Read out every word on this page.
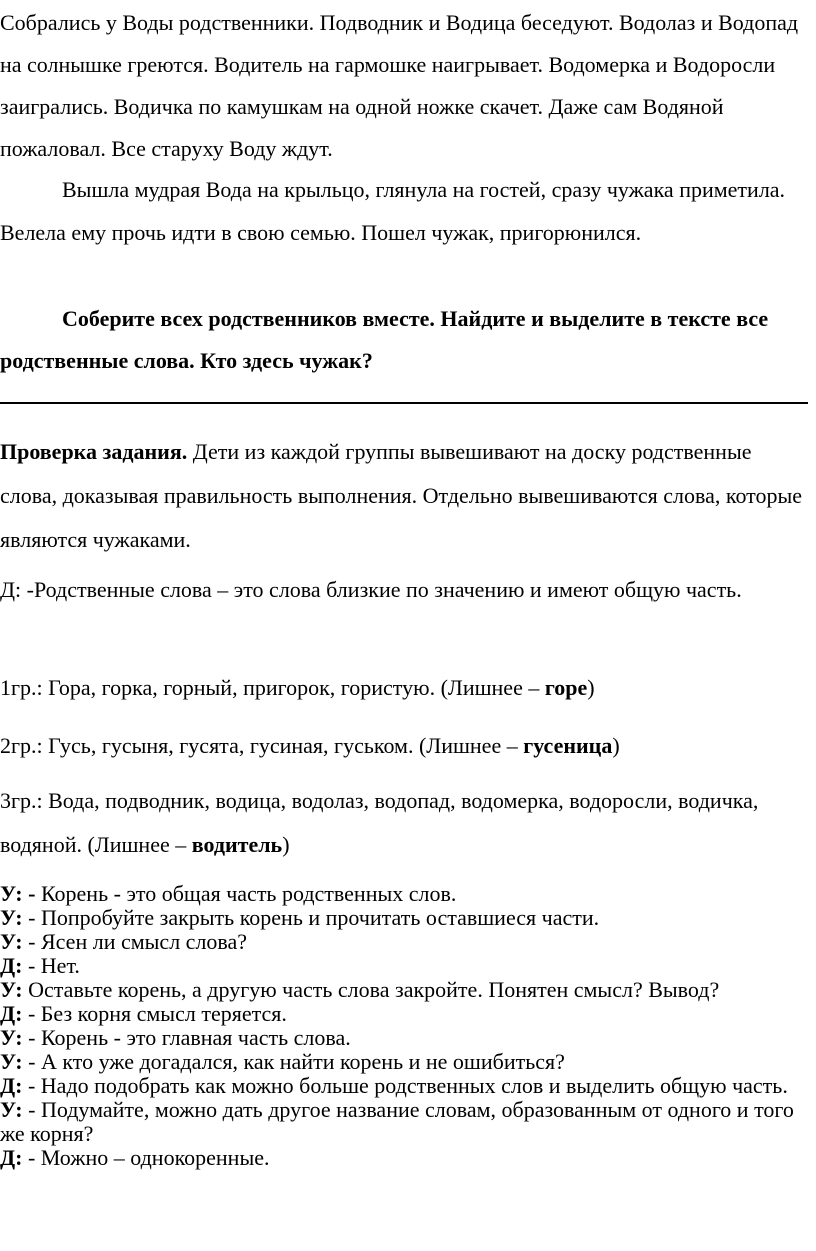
Собрались у Воды родственники. Подводник и Водица беседуют. Водолаз и Водопад на солнышке греются. Водитель на гармошке наигрывает. Водомерка и Водоросли заигрались. Водичка по камушкам на одной ножке скачет. Даже сам Водяной пожаловал. Все старуху Воду ждут.

Вышла мудрая Вода на крыльцо, глянула на гостей, сразу чужака приметила. Велела ему прочь идти в свою семью. Пошел чужак, пригорюнился.

Соберите всех родственников вместе. Найдите и выделите в тексте все родственные слова. Кто здесь чужак?

Проверка задания. Дети из каждой группы вывешивают на доску родственные слова, доказывая правильность выполнения. Отдельно вывешиваются слова, которые являются чужаками.

Д: -Родственные слова – это слова близкие по значению и имеют общую часть.

1гр.: Гора, горка, горный, пригорок, гористую. (Лишнее – горе)

2гр.: Гусь, гусыня, гусята, гусиная, гуськом. (Лишнее – гусеница)

3гр.: Вода, подводник, водица, водолаз, водопад, водомерка, водоросли, водичка, водяной. (Лишнее – водитель)

У: - Корень - это общая часть родственных слов.

У: - Попробуйте закрыть корень и прочитать оставшиеся части.

У: - Ясен ли смысл слова?

Д: - Нет.

У: Оставьте корень, а другую часть слова закройте. Понятен смысл? Вывод?

Д: - Без корня смысл теряется.

У: - Корень - это главная часть слова.

У: - А кто уже догадался, как найти корень и не ошибиться?

Д: - Надо подобрать как можно больше родственных слов и выделить общую часть.

У: - Подумайте, можно дать другое название словам, образованным от одного и того же корня?

Д: - Можно – однокоренные.
